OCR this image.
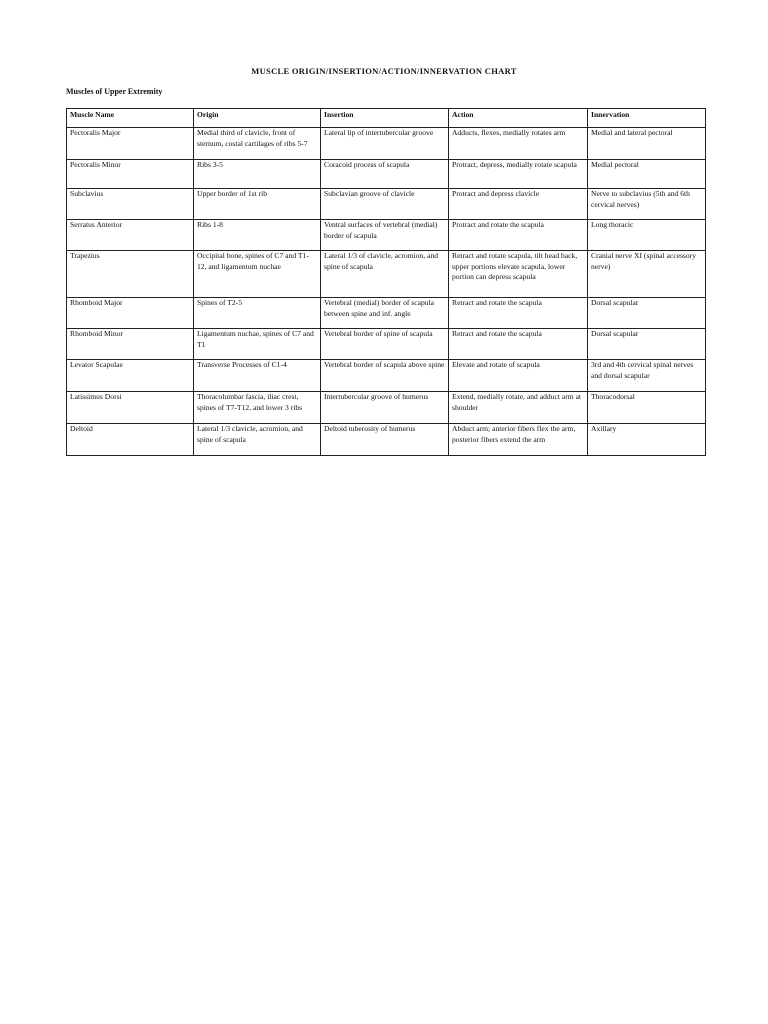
MUSCLE ORIGIN/INSERTION/ACTION/INNERVATION CHART
Muscles of Upper Extremity
Muscle Name	Origin	Insertion	Action	Innervation
Pectoralis Major	Medial third of clavicle, front of sternum, costal cartilages of ribs 5-7	Lateral lip of intertubercular groove	Adducts, flexes, medially rotates arm	Medial and lateral pectoral
Pectoralis Minor	Ribs 3-5	Coracoid process of scapula	Protract, depress, medially rotate scapula	Medial pectoral
Subclavius	Upper border of 1st rib	Subclavian groove of clavicle	Protract and depress clavicle	Nerve to subclavius (5th and 6th cervical nerves)
Serratus Anterior	Ribs 1-8	Ventral surfaces of vertebral (medial) border of scapula	Protract and rotate the scapula	Long thoracic
Trapezius	Occipital bone, spines of C7 and T1-12, and ligamentum nuchae	Lateral 1/3 of clavicle, acromion, and spine of scapula	Retract and rotate scapula, tilt head back, upper portions elevate scapula, lower portion can depress scapula	Cranial nerve XI (spinal accessory nerve)
Rhomboid Major	Spines of T2-5	Vertebral (medial) border of scapula between spine and inf. angle	Retract and rotate the scapula	Dorsal scapular
Rhomboid Minor	Ligamentum nuchae, spines of C7 and T1	Vertebral border of spine of scapula	Retract and rotate the scapula	Dorsal scapular
Levator Scapulae	Transverse Processes of C1-4	Vertebral border of scapula above spine	Elevate and rotate of scapula	3rd and 4th cervical spinal nerves and dorsal scapular
Latissimus Dorsi	Thoracolumbar fascia, iliac crest, spines of T7-T12, and lower 3 ribs	Intertubercular groove of humerus	Extend, medially rotate, and adduct arm at shoulder	Thoracodorsal
Deltoid	Lateral 1/3 clavicle, acromion, and spine of scapula	Deltoid tuberosity of humerus	Abduct arm; anterior fibers flex the arm, posterior fibers extend the arm	Axillary
